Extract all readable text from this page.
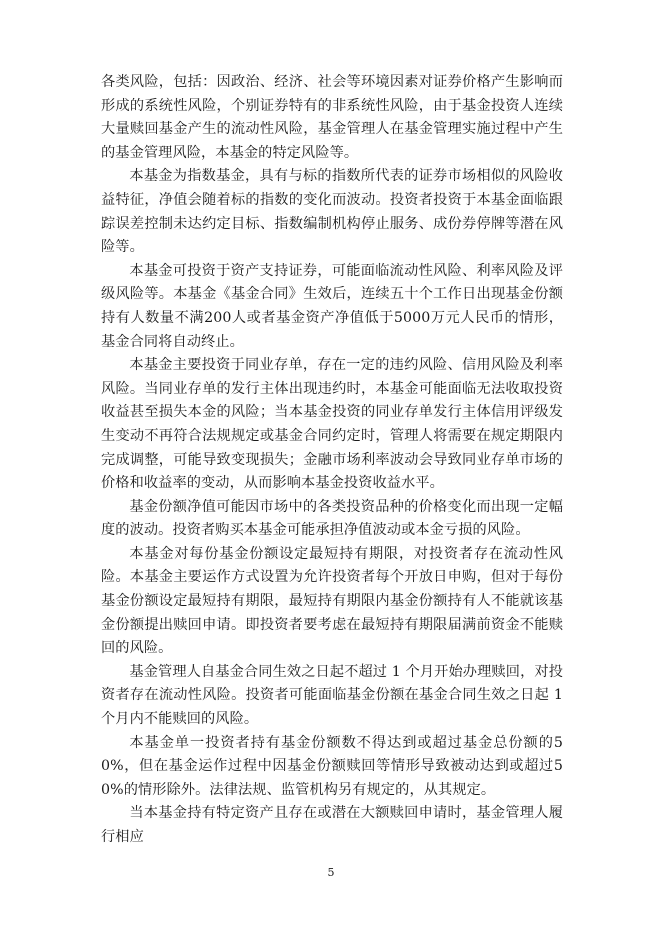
各类风险，包括：因政治、经济、社会等环境因素对证券价格产生影响而形成的系统性风险，个别证券特有的非系统性风险，由于基金投资人连续大量赎回基金产生的流动性风险，基金管理人在基金管理实施过程中产生的基金管理风险，本基金的特定风险等。

本基金为指数基金，具有与标的指数所代表的证券市场相似的风险收益特征，净值会随着标的指数的变化而波动。投资者投资于本基金面临跟踪误差控制未达约定目标、指数编制机构停止服务、成份券停牌等潜在风险等。

本基金可投资于资产支持证券，可能面临流动性风险、利率风险及评级风险等。本基金《基金合同》生效后，连续五十个工作日出现基金份额持有人数量不满200人或者基金资产净值低于5000万元人民币的情形，基金合同将自动终止。

本基金主要投资于同业存单，存在一定的违约风险、信用风险及利率风险。当同业存单的发行主体出现违约时，本基金可能面临无法收取投资收益甚至损失本金的风险；当本基金投资的同业存单发行主体信用评级发生变动不再符合法规规定或基金合同约定时，管理人将需要在规定期限内完成调整，可能导致变现损失；金融市场利率波动会导致同业存单市场的价格和收益率的变动，从而影响本基金投资收益水平。

基金份额净值可能因市场中的各类投资品种的价格变化而出现一定幅度的波动。投资者购买本基金可能承担净值波动或本金亏损的风险。

本基金对每份基金份额设定最短持有期限，对投资者存在流动性风险。本基金主要运作方式设置为允许投资者每个开放日申购，但对于每份基金份额设定最短持有期限，最短持有期限内基金份额持有人不能就该基金份额提出赎回申请。即投资者要考虑在最短持有期限届满前资金不能赎回的风险。

基金管理人自基金合同生效之日起不超过 1 个月开始办理赎回，对投资者存在流动性风险。投资者可能面临基金份额在基金合同生效之日起 1 个月内不能赎回的风险。

本基金单一投资者持有基金份额数不得达到或超过基金总份额的50%，但在基金运作过程中因基金份额赎回等情形导致被动达到或超过50%的情形除外。法律法规、监管机构另有规定的，从其规定。

当本基金持有特定资产且存在或潜在大额赎回申请时，基金管理人履行相应

5
